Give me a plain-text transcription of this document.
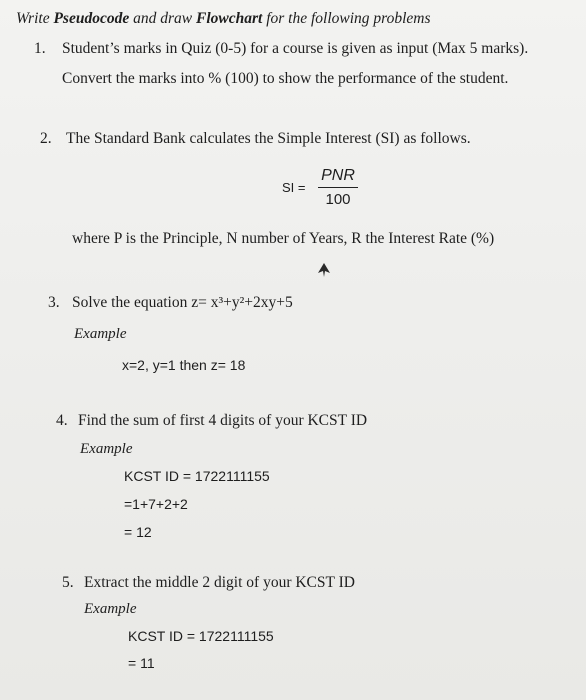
Write Pseudocode and draw Flowchart for the following problems
1. Student’s marks in Quiz (0-5) for a course is given as input (Max 5 marks).
Convert the marks into % (100) to show the performance of the student.
2. The Standard Bank calculates the Simple Interest (SI) as follows.
SI =
PNR
100
where P is the Principle, N number of Years, R the Interest Rate (%)
3. Solve the equation z= x³+y²+2xy+5
Example
x=2, y=1 then z= 18
4. Find the sum of first 4 digits of your KCST ID
Example
KCST ID = 1722111155
=1+7+2+2
= 12
5. Extract the middle 2 digit of your KCST ID
Example
KCST ID = 1722111155
= 11
